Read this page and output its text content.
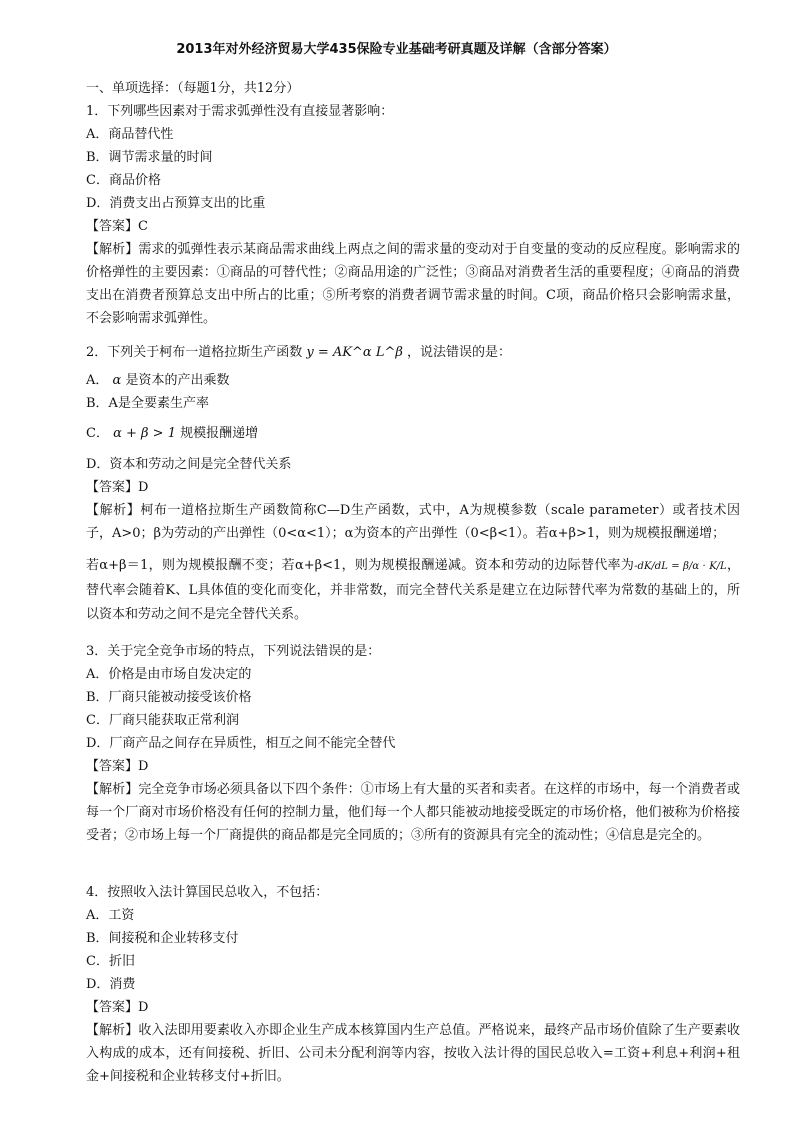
2013年对外经济贸易大学435保险专业基础考研真题及详解（含部分答案）
一、单项选择：（每题1分，共12分）
1．下列哪些因素对于需求弧弹性没有直接显著影响：
A．商品替代性
B．调节需求量的时间
C．商品价格
D．消费支出占预算支出的比重
【答案】C
【解析】需求的弧弹性表示某商品需求曲线上两点之间的需求量的变动对于自变量的变动的反应程度。影响需求的价格弹性的主要因素：①商品的可替代性；②商品用途的广泛性；③商品对消费者生活的重要程度；④商品的消费支出在消费者预算总支出中所占的比重；⑤所考察的消费者调节需求量的时间。C项，商品价格只会影响需求量，不会影响需求弧弹性。
2．下列关于柯布一道格拉斯生产函数 y = AK^α L^β ，说法错误的是：
A． α 是资本的产出乘数
B．A是全要素生产率
C． α + β > 1 规模报酬递增
D．资本和劳动之间是完全替代关系
【答案】D
【解析】柯布一道格拉斯生产函数简称C—D生产函数，式中，A为规模参数（scale parameter）或者技术因子，A>0；β为劳动的产出弹性（0<α<1）；α为资本的产出弹性（0<β<1）。若α+β>1，则为规模报酬递增；
若α+β＝1，则为规模报酬不变；若α+β<1，则为规模报酬递减。资本和劳动的边际替代率为-dK/dL = β/α · K/L，替代率会随着K、L具体值的变化而变化，并非常数，而完全替代关系是建立在边际替代率为常数的基础上的，所以资本和劳动之间不是完全替代关系。
3．关于完全竞争市场的特点，下列说法错误的是：
A．价格是由市场自发决定的
B．厂商只能被动接受该价格
C．厂商只能获取正常利润
D．厂商产品之间存在异质性，相互之间不能完全替代
【答案】D
【解析】完全竞争市场必须具备以下四个条件：①市场上有大量的买者和卖者。在这样的市场中，每一个消费者或每一个厂商对市场价格没有任何的控制力量，他们每一个人都只能被动地接受既定的市场价格，他们被称为价格接受者；②市场上每一个厂商提供的商品都是完全同质的；③所有的资源具有完全的流动性；④信息是完全的。
4．按照收入法计算国民总收入，不包括：
A．工资
B．间接税和企业转移支付
C．折旧
D．消费
【答案】D
【解析】收入法即用要素收入亦即企业生产成本核算国内生产总值。严格说来，最终产品市场价值除了生产要素收入构成的成本，还有间接税、折旧、公司未分配利润等内容，按收入法计得的国民总收入=工资+利息+利润+租金+间接税和企业转移支付+折旧。
